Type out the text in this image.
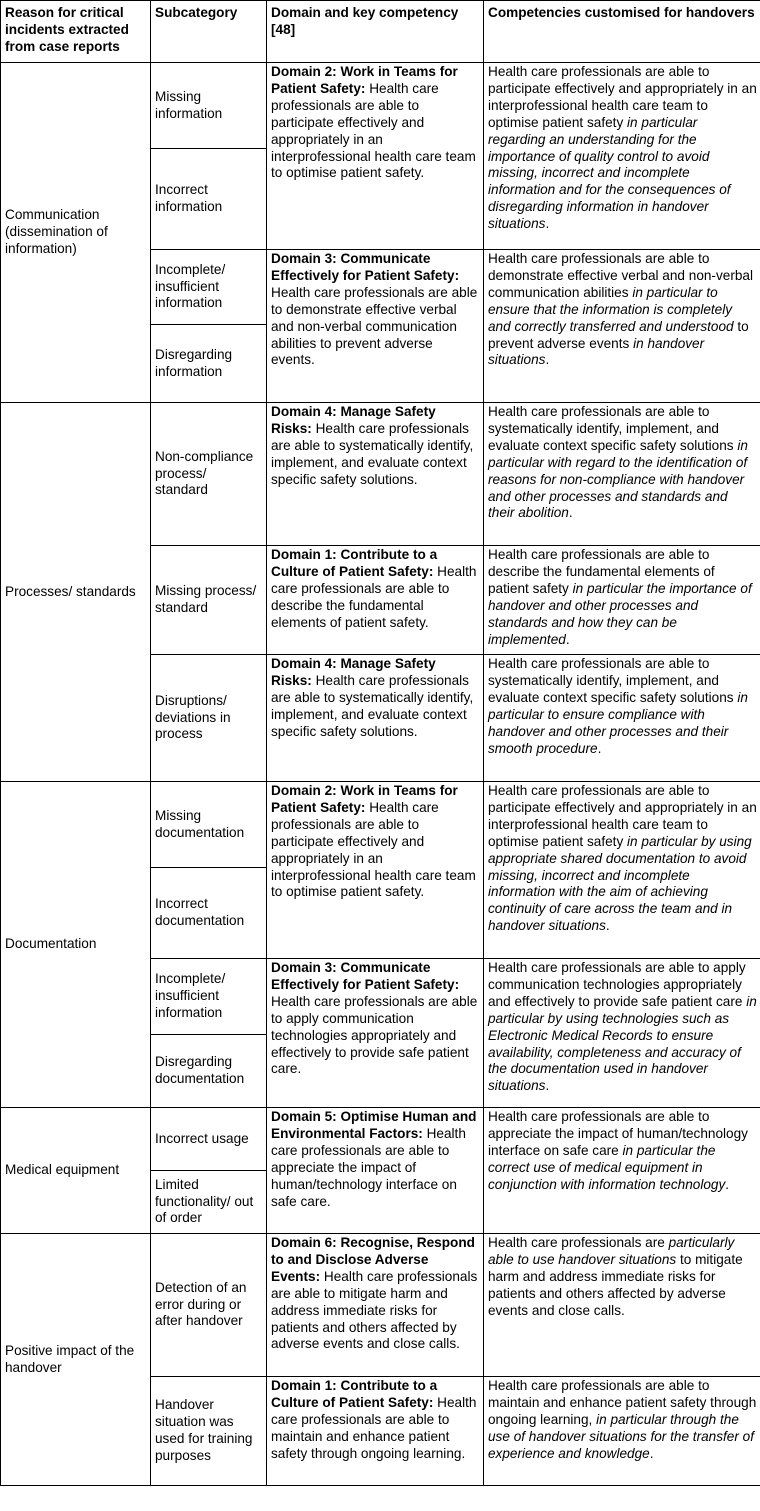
Reason for critical incidents extracted from case reports	Subcategory	Domain and key competency [48]	Competencies customised for handovers
Communication (dissemination of information)	Missing information	Domain 2: Work in Teams for Patient Safety: Health care professionals are able to participate effectively and appropriately in an interprofessional health care team to optimise patient safety.	Health care professionals are able to participate effectively and appropriately in an interprofessional health care team to optimise patient safety in particular regarding an understanding for the importance of quality control to avoid missing, incorrect and incomplete information and for the consequences of disregarding information in handover situations.
	Incorrect information		
	Incomplete/ insufficient information	Domain 3: Communicate Effectively for Patient Safety: Health care professionals are able to demonstrate effective verbal and non-verbal communication abilities to prevent adverse events.	Health care professionals are able to demonstrate effective verbal and non-verbal communication abilities in particular to ensure that the information is completely and correctly transferred and understood to prevent adverse events in handover situations.
	Disregarding information		
Processes/ standards	Non-compliance process/ standard	Domain 4: Manage Safety Risks: Health care professionals are able to systematically identify, implement, and evaluate context specific safety solutions.	Health care professionals are able to systematically identify, implement, and evaluate context specific safety solutions in particular with regard to the identification of reasons for non-compliance with handover and other processes and standards and their abolition.
	Missing process/ standard	Domain 1: Contribute to a Culture of Patient Safety: Health care professionals are able to describe the fundamental elements of patient safety.	Health care professionals are able to describe the fundamental elements of patient safety in particular the importance of handover and other processes and standards and how they can be implemented.
	Disruptions/ deviations in process	Domain 4: Manage Safety Risks: Health care professionals are able to systematically identify, implement, and evaluate context specific safety solutions.	Health care professionals are able to systematically identify, implement, and evaluate context specific safety solutions in particular to ensure compliance with handover and other processes and their smooth procedure.
Documentation	Missing documentation	Domain 2: Work in Teams for Patient Safety: Health care professionals are able to participate effectively and appropriately in an interprofessional health care team to optimise patient safety.	Health care professionals are able to participate effectively and appropriately in an interprofessional health care team to optimise patient safety in particular by using appropriate shared documentation to avoid missing, incorrect and incomplete information with the aim of achieving continuity of care across the team and in handover situations.
	Incorrect documentation		
	Incomplete/ insufficient information	Domain 3: Communicate Effectively for Patient Safety: Health care professionals are able to apply communication technologies appropriately and effectively to provide safe patient care.	Health care professionals are able to apply communication technologies appropriately and effectively to provide safe patient care in particular by using technologies such as Electronic Medical Records to ensure availability, completeness and accuracy of the documentation used in handover situations.
	Disregarding documentation		
Medical equipment	Incorrect usage	Domain 5: Optimise Human and Environmental Factors: Health care professionals are able to appreciate the impact of human/technology interface on safe care.	Health care professionals are able to appreciate the impact of human/technology interface on safe care in particular the correct use of medical equipment in conjunction with information technology.
	Limited functionality/ out of order		
Positive impact of the handover	Detection of an error during or after handover	Domain 6: Recognise, Respond to and Disclose Adverse Events: Health care professionals are able to mitigate harm and address immediate risks for patients and others affected by adverse events and close calls.	Health care professionals are particularly able to use handover situations to mitigate harm and address immediate risks for patients and others affected by adverse events and close calls.
	Handover situation was used for training purposes	Domain 1: Contribute to a Culture of Patient Safety: Health care professionals are able to maintain and enhance patient safety through ongoing learning.	Health care professionals are able to maintain and enhance patient safety through ongoing learning, in particular through the use of handover situations for the transfer of experience and knowledge.
